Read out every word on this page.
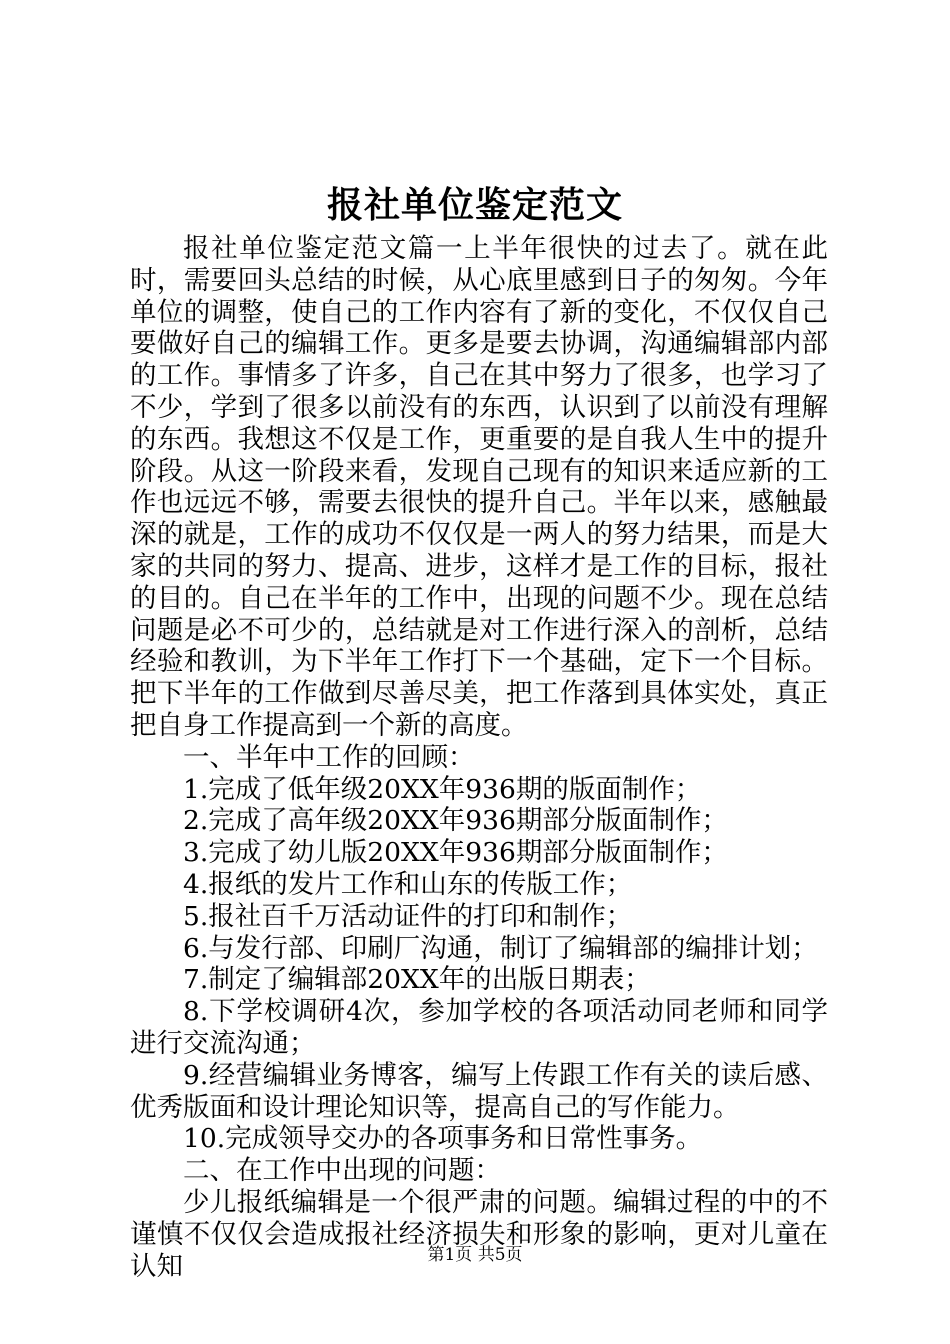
报社单位鉴定范文

报社单位鉴定范文篇一上半年很快的过去了。就在此时，需要回头总结的时候，从心底里感到日子的匆匆。今年单位的调整，使自己的工作内容有了新的变化，不仅仅自己要做好自己的编辑工作。更多是要去协调，沟通编辑部内部的工作。事情多了许多，自己在其中努力了很多，也学习了不少，学到了很多以前没有的东西，认识到了以前没有理解的东西。我想这不仅是工作，更重要的是自我人生中的提升阶段。从这一阶段来看，发现自己现有的知识来适应新的工作也远远不够，需要去很快的提升自己。半年以来，感触最深的就是，工作的成功不仅仅是一两人的努力结果，而是大家的共同的努力、提高、进步，这样才是工作的目标，报社的目的。自己在半年的工作中，出现的问题不少。现在总结问题是必不可少的，总结就是对工作进行深入的剖析，总结经验和教训，为下半年工作打下一个基础，定下一个目标。把下半年的工作做到尽善尽美，把工作落到具体实处，真正把自身工作提高到一个新的高度。

一、半年中工作的回顾：

1.完成了低年级20XX年936期的版面制作；

2.完成了高年级20XX年936期部分版面制作；

3.完成了幼儿版20XX年936期部分版面制作；

4.报纸的发片工作和山东的传版工作；

5.报社百千万活动证件的打印和制作；

6.与发行部、印刷厂沟通，制订了编辑部的编排计划；

7.制定了编辑部20XX年的出版日期表；

8.下学校调研4次，参加学校的各项活动同老师和同学进行交流沟通；

9.经营编辑业务博客，编写上传跟工作有关的读后感、优秀版面和设计理论知识等，提高自己的写作能力。

10.完成领导交办的各项事务和日常性事务。

二、在工作中出现的问题：

少儿报纸编辑是一个很严肃的问题。编辑过程的中的不谨慎不仅仅会造成报社经济损失和形象的影响，更对儿童在认知	第1页 共5页
